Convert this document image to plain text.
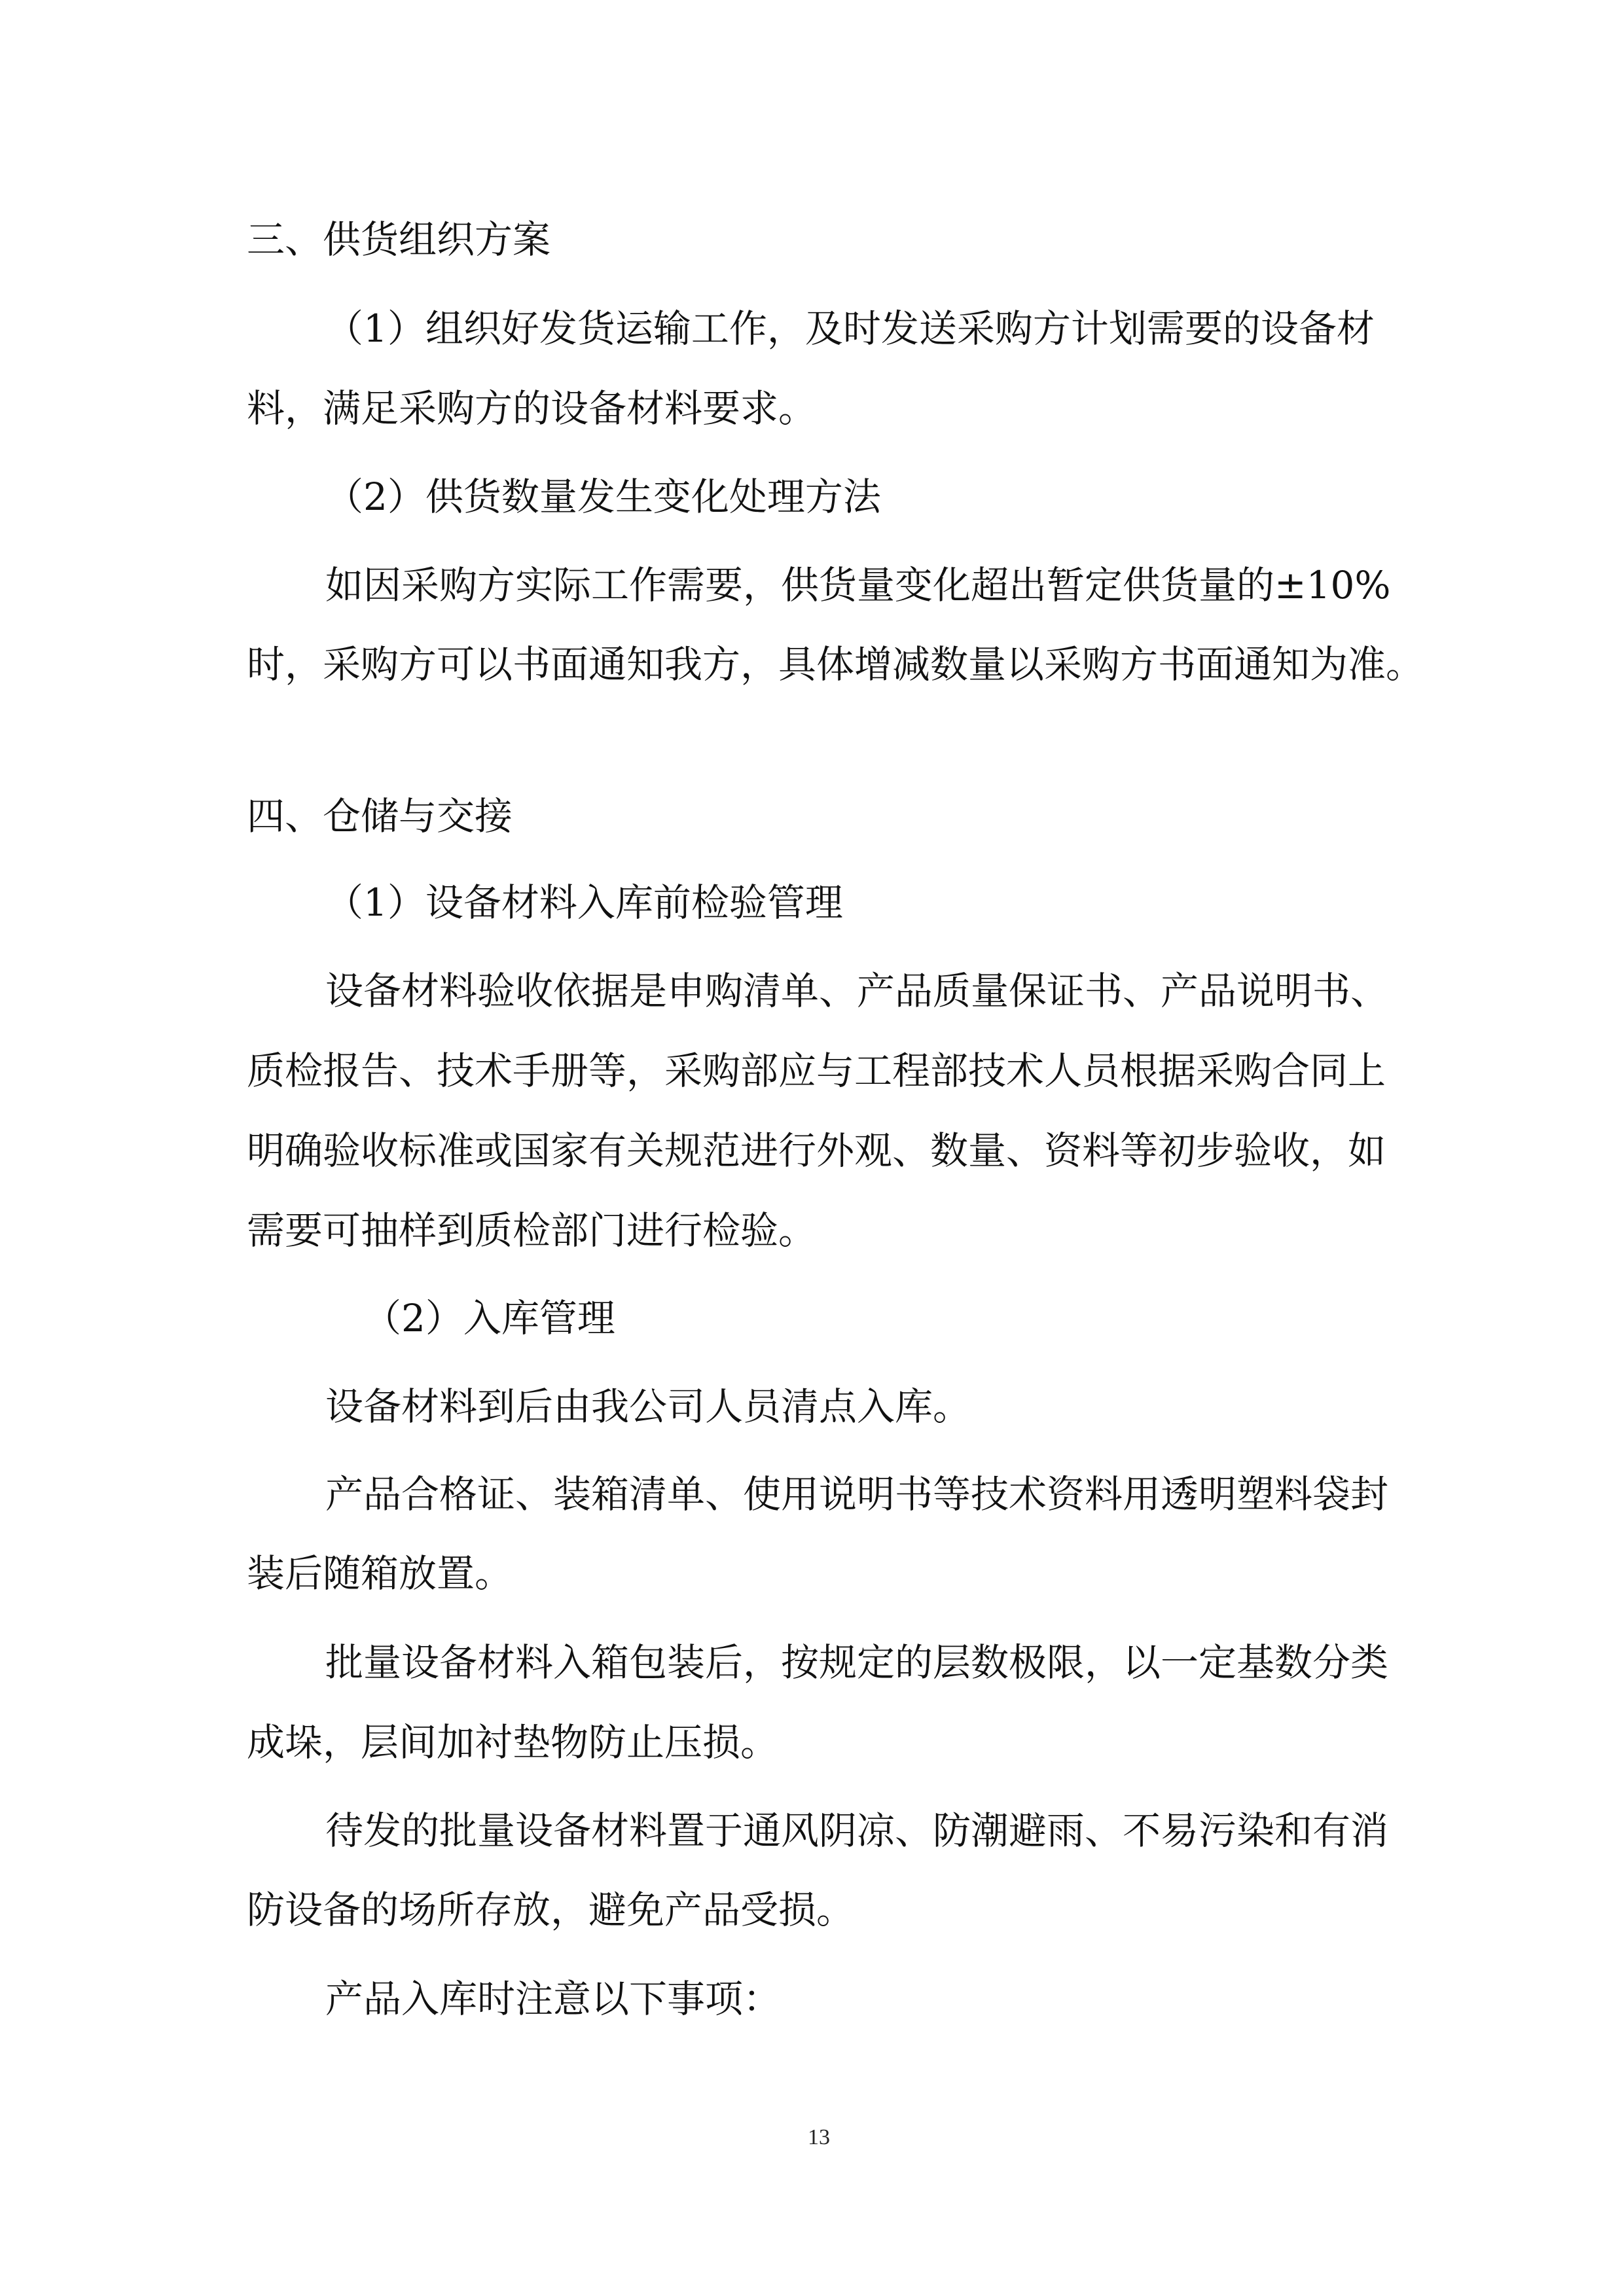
三、供货组织方案
（1）组织好发货运输工作，及时发送采购方计划需要的设备材
料，满足采购方的设备材料要求。
（2）供货数量发生变化处理方法
如因采购方实际工作需要，供货量变化超出暂定供货量的±10%
时，采购方可以书面通知我方，具体增减数量以采购方书面通知为准。
四、仓储与交接
（1）设备材料入库前检验管理
设备材料验收依据是申购清单、产品质量保证书、产品说明书、
质检报告、技术手册等，采购部应与工程部技术人员根据采购合同上
明确验收标准或国家有关规范进行外观、数量、资料等初步验收，如
需要可抽样到质检部门进行检验。
（2）入库管理
设备材料到后由我公司人员清点入库。
产品合格证、装箱清单、使用说明书等技术资料用透明塑料袋封
装后随箱放置。
批量设备材料入箱包装后，按规定的层数极限，以一定基数分类
成垛，层间加衬垫物防止压损。
待发的批量设备材料置于通风阴凉、防潮避雨、不易污染和有消
防设备的场所存放，避免产品受损。
产品入库时注意以下事项：
13
